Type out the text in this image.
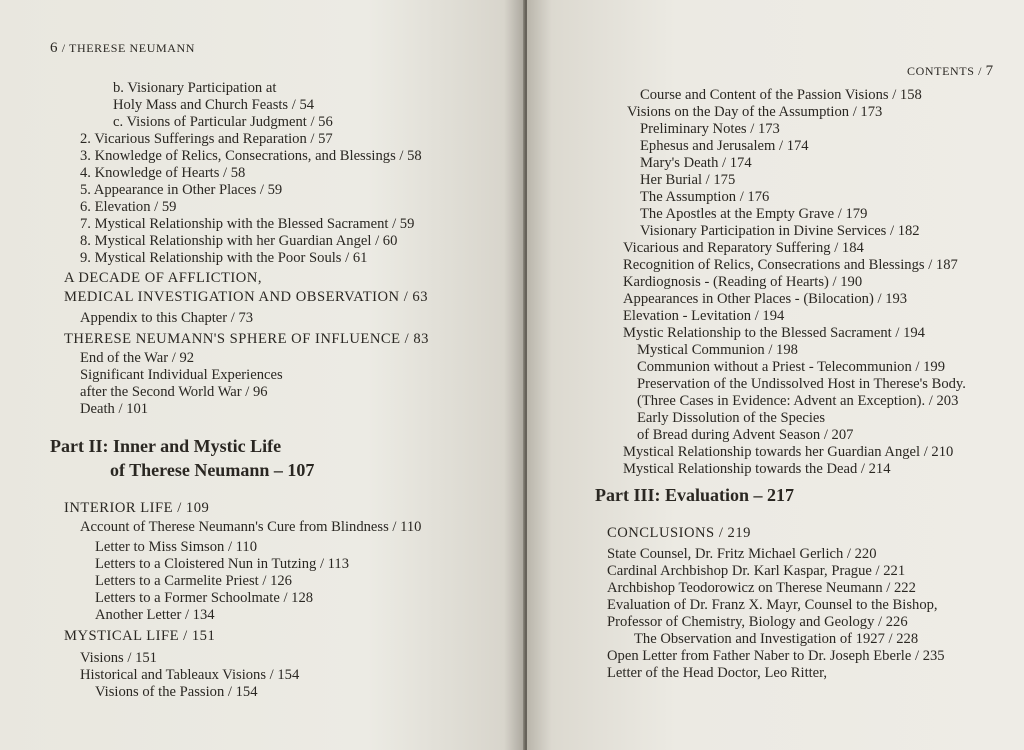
6 / THERESE NEUMANN
b. Visionary Participation at
Holy Mass and Church Feasts / 54
c. Visions of Particular Judgment / 56
2. Vicarious Sufferings and Reparation / 57
3. Knowledge of Relics, Consecrations, and Blessings / 58
4. Knowledge of Hearts / 58
5. Appearance in Other Places / 59
6. Elevation / 59
7. Mystical Relationship with the Blessed Sacrament / 59
8. Mystical Relationship with her Guardian Angel / 60
9. Mystical Relationship with the Poor Souls / 61
A DECADE OF AFFLICTION,
MEDICAL INVESTIGATION AND OBSERVATION / 63
Appendix to this Chapter / 73
THERESE NEUMANN'S SPHERE OF INFLUENCE / 83
End of the War / 92
Significant Individual Experiences
after the Second World War / 96
Death / 101
Part II: Inner and Mystic Life
of Therese Neumann – 107
INTERIOR LIFE / 109
Account of Therese Neumann's Cure from Blindness / 110
Letter to Miss Simson / 110
Letters to a Cloistered Nun in Tutzing / 113
Letters to a Carmelite Priest / 126
Letters to a Former Schoolmate / 128
Another Letter / 134
MYSTICAL LIFE / 151
Visions / 151
Historical and Tableaux Visions / 154
Visions of the Passion / 154
CONTENTS / 7
Course and Content of the Passion Visions / 158
Visions on the Day of the Assumption / 173
Preliminary Notes / 173
Ephesus and Jerusalem / 174
Mary's Death / 174
Her Burial / 175
The Assumption / 176
The Apostles at the Empty Grave / 179
Visionary Participation in Divine Services / 182
Vicarious and Reparatory Suffering / 184
Recognition of Relics, Consecrations and Blessings / 187
Kardiognosis - (Reading of Hearts) / 190
Appearances in Other Places - (Bilocation) / 193
Elevation - Levitation / 194
Mystic Relationship to the Blessed Sacrament / 194
Mystical Communion / 198
Communion without a Priest - Telecommunion / 199
Preservation of the Undissolved Host in Therese's Body.
(Three Cases in Evidence: Advent an Exception). / 203
Early Dissolution of the Species
of Bread during Advent Season / 207
Mystical Relationship towards her Guardian Angel / 210
Mystical Relationship towards the Dead / 214
Part III: Evaluation – 217
CONCLUSIONS / 219
State Counsel, Dr. Fritz Michael Gerlich / 220
Cardinal Archbishop Dr. Karl Kaspar, Prague / 221
Archbishop Teodorowicz on Therese Neumann / 222
Evaluation of Dr. Franz X. Mayr, Counsel to the Bishop,
Professor of Chemistry, Biology and Geology / 226
The Observation and Investigation of 1927 / 228
Open Letter from Father Naber to Dr. Joseph Eberle / 235
Letter of the Head Doctor, Leo Ritter,
